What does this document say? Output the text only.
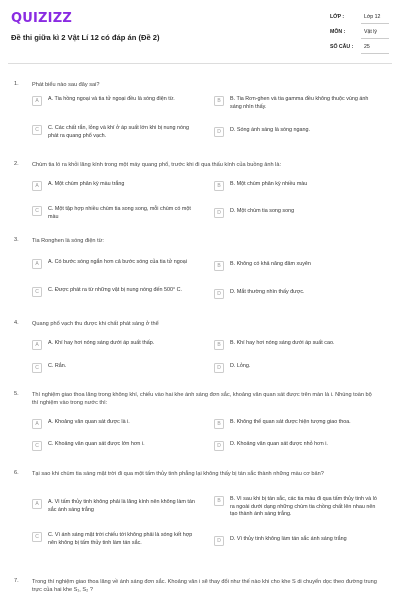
QUIZIZZ
Đề thi giữa kì 2 Vật Lí 12 có đáp án (Đề 2)
LỚP :	Lớp 12
MÔN :	Vật lý
SỐ CÂU : 25
1. Phát biểu nào sau đây sai?
A	A. Tia hồng ngoại và tia tử ngoại đều là sóng điện từ.	B	B. Tia Rơn-ghen và tia gamma đều không thuộc vùng ánh sáng nhìn thấy.
C	C. Các chất rắn, lỏng và khí ở áp suất lớn khi bị nung nóng phát ra quang phổ vạch.
D	D. Sóng ánh sáng là sóng ngang.
2. Chùm tia ló ra khỏi lăng kính trong một máy quang phổ, trước khi đi qua thấu kính của buồng ảnh là:
A	A. Một chùm phân kỳ màu trắng	B	B. Một chùm phân kỳ nhiều màu
C	C. Một tập hợp nhiều chùm tia song song, mỗi chùm có một màu
D	D. Một chùm tia song song
3. Tia Ronghen là sóng điện từ:
A	A. Có bước sóng ngắn hơn cả bước sóng của tia tử ngoại
B	B. Không có khả năng đâm xuyên
C	C. Được phát ra từ những vật bị nung nóng đến 500° C.
D	D. Mắt thường nhìn thấy được.
4. Quang phổ vạch thu được khi chất phát sáng ở thể
A	A. Khí hay hơi nóng sáng dưới áp suất thấp.	B	B. Khí hay hơi nóng sáng dưới áp suất cao.
C	C. Rắn.	D	D. Lỏng.
5. Thí nghiệm giao thoa lăng trong không khí, chiếu vào hai khe ánh sáng đơn sắc, khoảng vân quan sát được trên màn là i. Nhúng toàn bộ thí nghiệm vào trong nước thì:
A	A. Khoảng vân quan sát được là i.	B	B. Không thể quan sát được hiện tượng giao thoa.
C	C. Khoảng vân quan sát được lớn hơn i.	D	D. Khoảng vân quan sát được nhỏ hơn i.
6. Tại sao khi chùm tia sáng mặt trời đi qua một tấm thủy tinh phẳng lại không thấy bị tán sắc thành những màu cơ bản?
A	A. Vì tấm thủy tinh không phải là lăng kính nên không làm tán sắc ánh sáng trắng
B	B. Vì sau khi bị tán sắc, các tia màu đi qua tấm thủy tinh và ló ra ngoài dưới dạng những chùm tia chồng chất lên nhau nên tạo thành ánh sáng trắng.
C	C. Vì ánh sáng mặt trời chiếu tới không phải là sóng kết hợp nên không bị tấm thủy tinh làm tán sắc.	D	D. Vì thủy tinh không làm tán sắc ánh sáng trắng
7. Trong thí nghiệm giao thoa lăng về ánh sáng đơn sắc. Khoảng vân i sẽ thay đổi như thế nào khi cho khe S di chuyển dọc theo đường trung trực của hai khe S₁, S₂ ?
